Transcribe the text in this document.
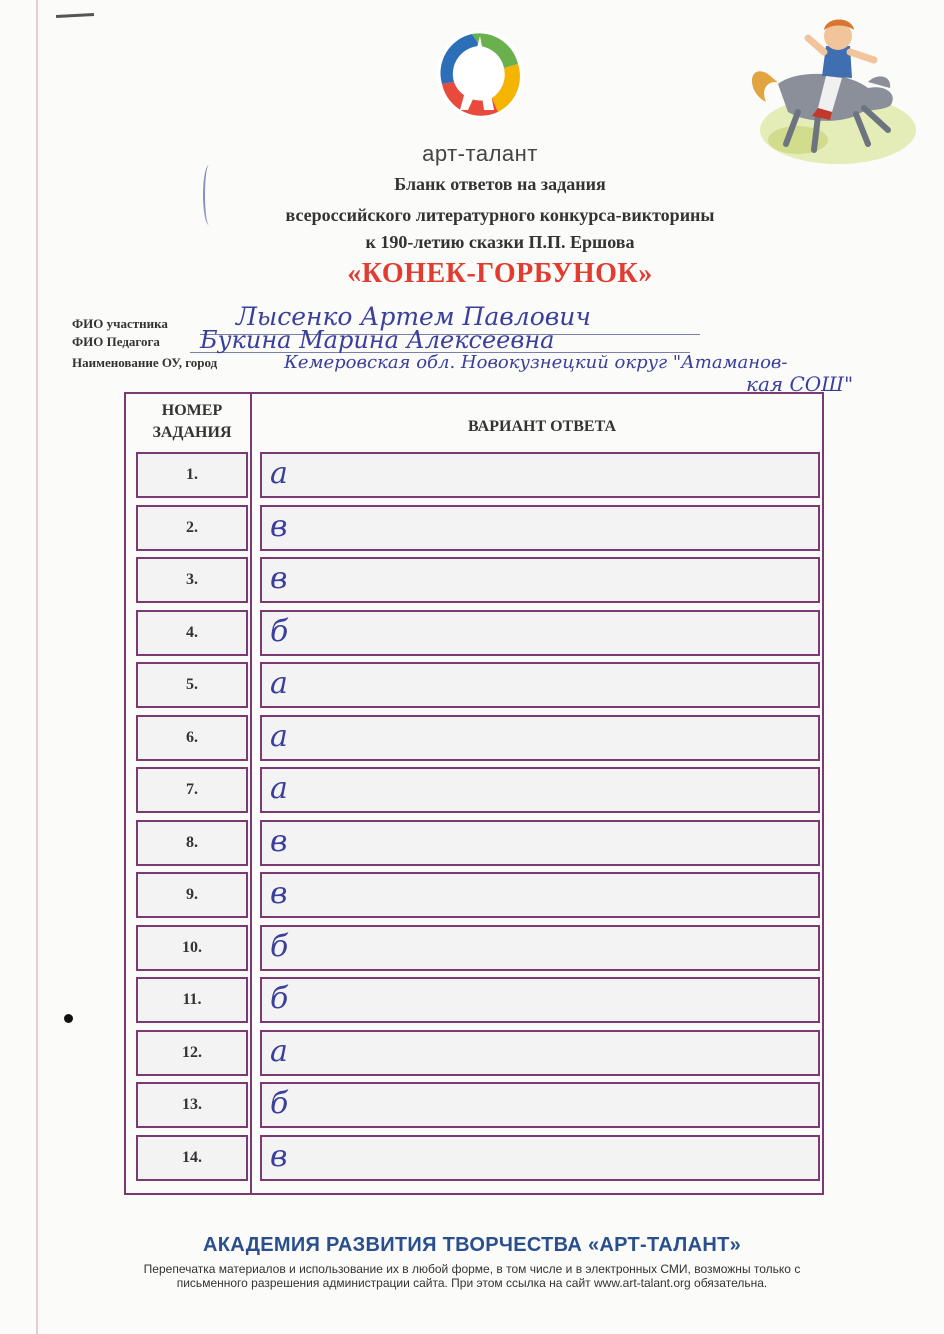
арт-талант
Бланк ответов на задания
всероссийского литературного конкурса-викторины
к 190-летию сказки П.П. Ершова
«КОНЕК-ГОРБУНОК»
ФИО участника	Лысенко Артем Павлович
ФИО Педагога Букина Марина Алексеевна
Наименование ОУ, город	Кемеровская обл. Новокузнецкий округ "Атаманов-
кая СОШ"
НОМЕР
ЗАДАНИЯ	ВАРИАНТ ОТВЕТА
1.	а
2.	в
3.	в
4.	б
5.	а
6.	а
7.	а
8.	в
9.	в
10.	б
11.	б
12.	а
13.	б
14.	в
АКАДЕМИЯ РАЗВИТИЯ ТВОРЧЕСТВА «АРТ-ТАЛАНТ»
Перепечатка материалов и использование их в любой форме, в том числе и в электронных СМИ, возможны только с
письменного разрешения администрации сайта. При этом ссылка на сайт www.art-talant.org обязательна.
